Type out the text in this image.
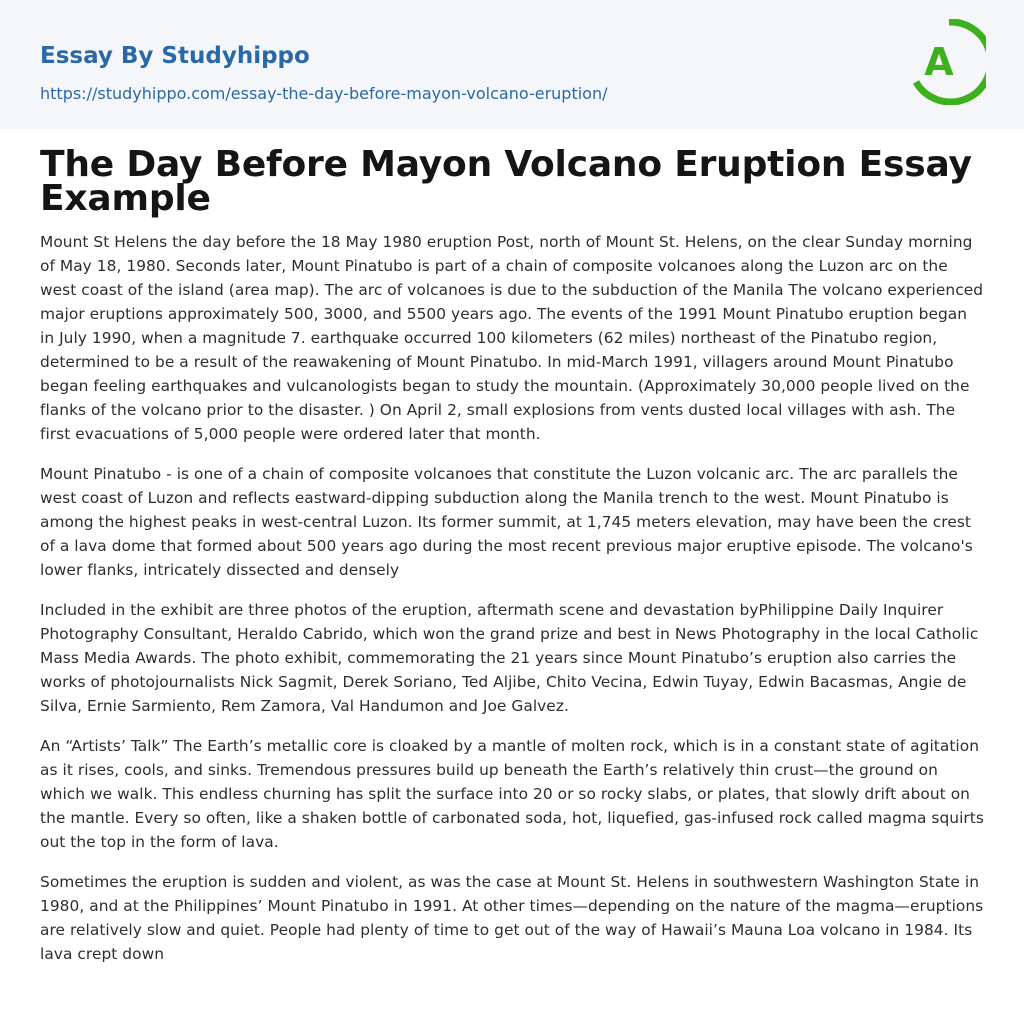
Essay By Studyhippo
https://studyhippo.com/essay-the-day-before-mayon-volcano-eruption/
A
The Day Before Mayon Volcano Eruption Essay Example

Mount St Helens the day before the 18 May 1980 eruption Post, north of Mount St. Helens, on the clear Sunday morning of May 18, 1980. Seconds later, Mount Pinatubo is part of a chain of composite volcanoes along the Luzon arc on the west coast of the island (area map). The arc of volcanoes is due to the subduction of the Manila The volcano experienced major eruptions approximately 500, 3000, and 5500 years ago. The events of the 1991 Mount Pinatubo eruption began in July 1990, when a magnitude 7. earthquake occurred 100 kilometers (62 miles) northeast of the Pinatubo region, determined to be a result of the reawakening of Mount Pinatubo. In mid-March 1991, villagers around Mount Pinatubo began feeling earthquakes and vulcanologists began to study the mountain. (Approximately 30,000 people lived on the flanks of the volcano prior to the disaster. ) On April 2, small explosions from vents dusted local villages with ash. The first evacuations of 5,000 people were ordered later that month.

Mount Pinatubo - is one of a chain of composite volcanoes that constitute the Luzon volcanic arc. The arc parallels the west coast of Luzon and reflects eastward-dipping subduction along the Manila trench to the west. Mount Pinatubo is among the highest peaks in west-central Luzon. Its former summit, at 1,745 meters elevation, may have been the crest of a lava dome that formed about 500 years ago during the most recent previous major eruptive episode. The volcano's lower flanks, intricately dissected and densely

Included in the exhibit are three photos of the eruption, aftermath scene and devastation byPhilippine Daily Inquirer Photography Consultant, Heraldo Cabrido, which won the grand prize and best in News Photography in the local Catholic Mass Media Awards. The photo exhibit, commemorating the 21 years since Mount Pinatubo’s eruption also carries the works of photojournalists Nick Sagmit, Derek Soriano, Ted Aljibe, Chito Vecina, Edwin Tuyay, Edwin Bacasmas, Angie de Silva, Ernie Sarmiento, Rem Zamora, Val Handumon and Joe Galvez.

An “Artists’ Talk” The Earth’s metallic core is cloaked by a mantle of molten rock, which is in a constant state of agitation as it rises, cools, and sinks. Tremendous pressures build up beneath the Earth’s relatively thin crust—the ground on which we walk. This endless churning has split the surface into 20 or so rocky slabs, or plates, that slowly drift about on the mantle. Every so often, like a shaken bottle of carbonated soda, hot, liquefied, gas-infused rock called magma squirts out the top in the form of lava.

Sometimes the eruption is sudden and violent, as was the case at Mount St. Helens in southwestern Washington State in 1980, and at the Philippines’ Mount Pinatubo in 1991. At other times—depending on the nature of the magma—eruptions are relatively slow and quiet. People had plenty of time to get out of the way of Hawaii’s Mauna Loa volcano in 1984. Its lava crept down
